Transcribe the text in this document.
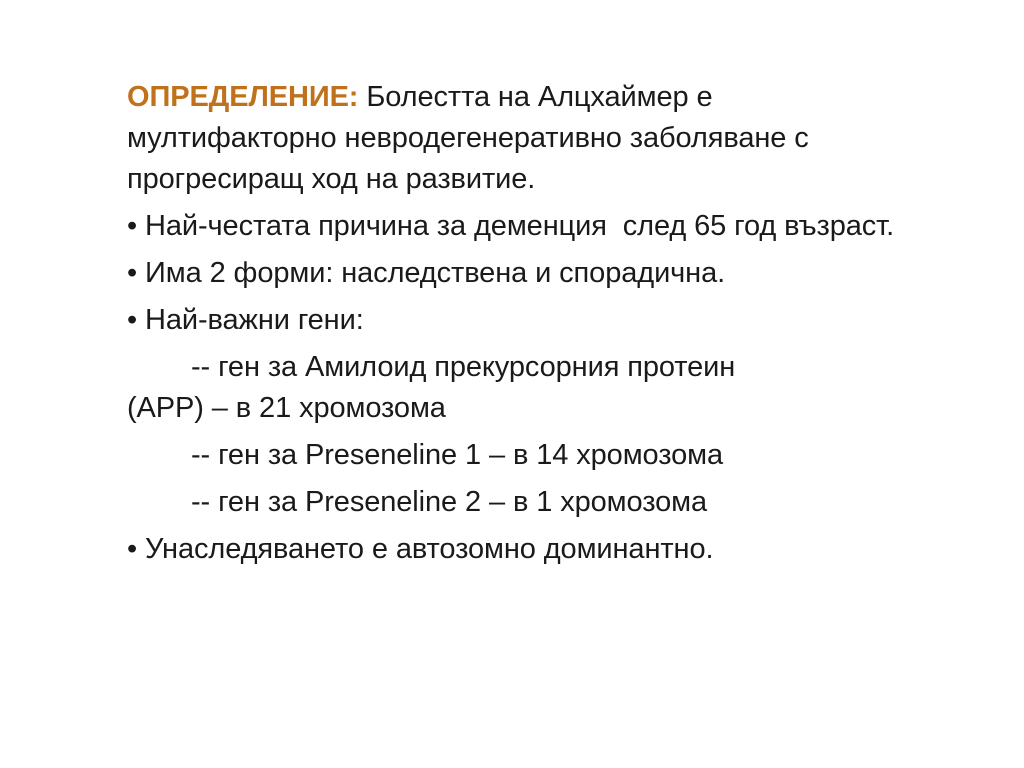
ОПРЕДЕЛЕНИЕ: Болестта на Алцхаймер е мултифакторно невродегенеративно заболяване с прогресиращ ход на развитие.

• Най-честата причина за деменция  след 65 год възраст.

• Има 2 форми: наследствена и спорадична.

• Най-важни гени:

-- ген за Амилоид прекурсорния протеин
(АРР) – в 21 хромозома

-- ген за Preseneline 1 – в 14 хромозома

-- ген за Preseneline 2 – в 1 хромозома

• Унаследяването е автозомно доминантно.
